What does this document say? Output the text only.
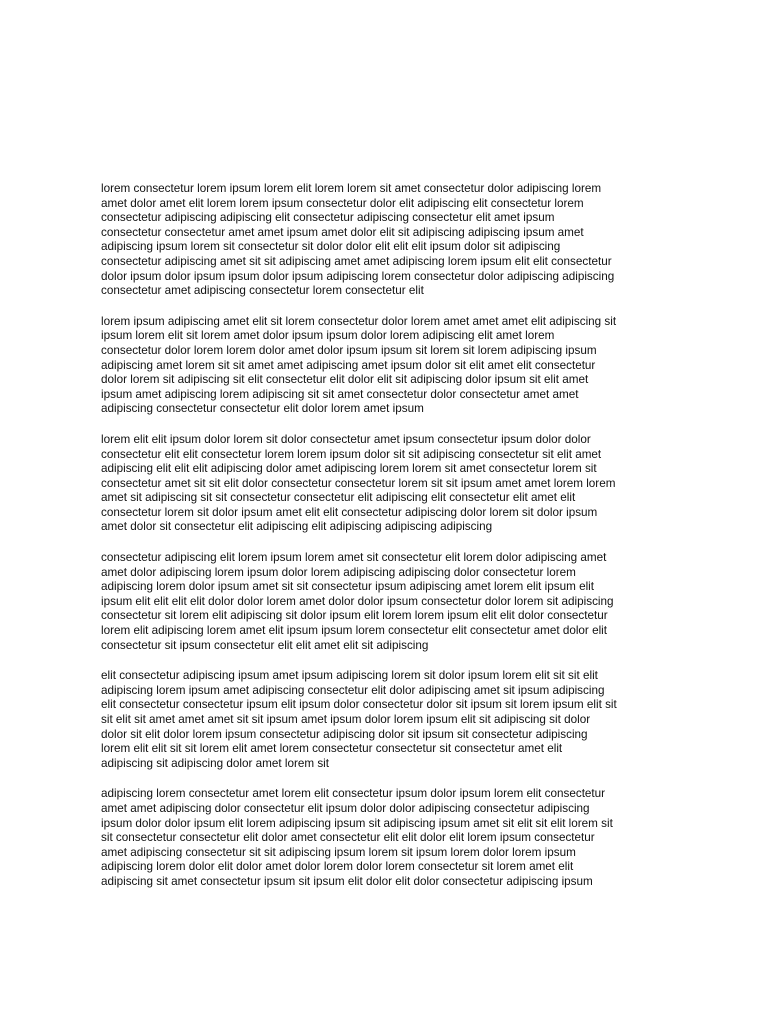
lorem consectetur lorem ipsum lorem elit lorem lorem sit amet consectetur dolor adipiscing lorem
amet dolor amet elit lorem lorem ipsum consectetur dolor elit adipiscing elit consectetur lorem
consectetur adipiscing adipiscing elit consectetur adipiscing consectetur elit amet ipsum
consectetur consectetur amet amet ipsum amet dolor elit sit adipiscing adipiscing ipsum amet
adipiscing ipsum lorem sit consectetur sit dolor dolor elit elit elit ipsum dolor sit adipiscing
consectetur adipiscing amet sit sit adipiscing amet amet adipiscing lorem ipsum elit elit consectetur
dolor ipsum dolor ipsum ipsum dolor ipsum adipiscing lorem consectetur dolor adipiscing adipiscing
consectetur amet adipiscing consectetur lorem consectetur elit

lorem ipsum adipiscing amet elit sit lorem consectetur dolor lorem amet amet amet elit adipiscing sit
ipsum lorem elit sit lorem amet dolor ipsum ipsum dolor lorem adipiscing elit amet lorem
consectetur dolor lorem lorem dolor amet dolor ipsum ipsum sit lorem sit lorem adipiscing ipsum
adipiscing amet lorem sit sit amet amet adipiscing amet ipsum dolor sit elit amet elit consectetur
dolor lorem sit adipiscing sit elit consectetur elit dolor elit sit adipiscing dolor ipsum sit elit amet
ipsum amet adipiscing lorem adipiscing sit sit amet consectetur dolor consectetur amet amet
adipiscing consectetur consectetur elit dolor lorem amet ipsum

lorem elit elit ipsum dolor lorem sit dolor consectetur amet ipsum consectetur ipsum dolor dolor
consectetur elit elit consectetur lorem lorem ipsum dolor sit sit adipiscing consectetur sit elit amet
adipiscing elit elit elit adipiscing dolor amet adipiscing lorem lorem sit amet consectetur lorem sit
consectetur amet sit sit elit dolor consectetur consectetur lorem sit sit ipsum amet amet lorem lorem
amet sit adipiscing sit sit consectetur consectetur elit adipiscing elit consectetur elit amet elit
consectetur lorem sit dolor ipsum amet elit elit consectetur adipiscing dolor lorem sit dolor ipsum
amet dolor sit consectetur elit adipiscing elit adipiscing adipiscing adipiscing

consectetur adipiscing elit lorem ipsum lorem amet sit consectetur elit lorem dolor adipiscing amet
amet dolor adipiscing lorem ipsum dolor lorem adipiscing adipiscing dolor consectetur lorem
adipiscing lorem dolor ipsum amet sit sit consectetur ipsum adipiscing amet lorem elit ipsum elit
ipsum elit elit elit elit dolor dolor lorem amet dolor dolor ipsum consectetur dolor lorem sit adipiscing
consectetur sit lorem elit adipiscing sit dolor ipsum elit lorem lorem ipsum elit elit dolor consectetur
lorem elit adipiscing lorem amet elit ipsum ipsum lorem consectetur elit consectetur amet dolor elit
consectetur sit ipsum consectetur elit elit amet elit sit adipiscing

elit consectetur adipiscing ipsum amet ipsum adipiscing lorem sit dolor ipsum lorem elit sit sit elit
adipiscing lorem ipsum amet adipiscing consectetur elit dolor adipiscing amet sit ipsum adipiscing
elit consectetur consectetur ipsum elit ipsum dolor consectetur dolor sit ipsum sit lorem ipsum elit sit
sit elit sit amet amet amet sit sit ipsum amet ipsum dolor lorem ipsum elit sit adipiscing sit dolor
dolor sit elit dolor lorem ipsum consectetur adipiscing dolor sit ipsum sit consectetur adipiscing
lorem elit elit sit sit lorem elit amet lorem consectetur consectetur sit consectetur amet elit
adipiscing sit adipiscing dolor amet lorem sit

adipiscing lorem consectetur amet lorem elit consectetur ipsum dolor ipsum lorem elit consectetur
amet amet adipiscing dolor consectetur elit ipsum dolor dolor adipiscing consectetur adipiscing
ipsum dolor dolor ipsum elit lorem adipiscing ipsum sit adipiscing ipsum amet sit elit sit elit lorem sit
sit consectetur consectetur elit dolor amet consectetur elit elit dolor elit lorem ipsum consectetur
amet adipiscing consectetur sit sit adipiscing ipsum lorem sit ipsum lorem dolor lorem ipsum
adipiscing lorem dolor elit dolor amet dolor lorem dolor lorem consectetur sit lorem amet elit
adipiscing sit amet consectetur ipsum sit ipsum elit dolor elit dolor consectetur adipiscing ipsum
